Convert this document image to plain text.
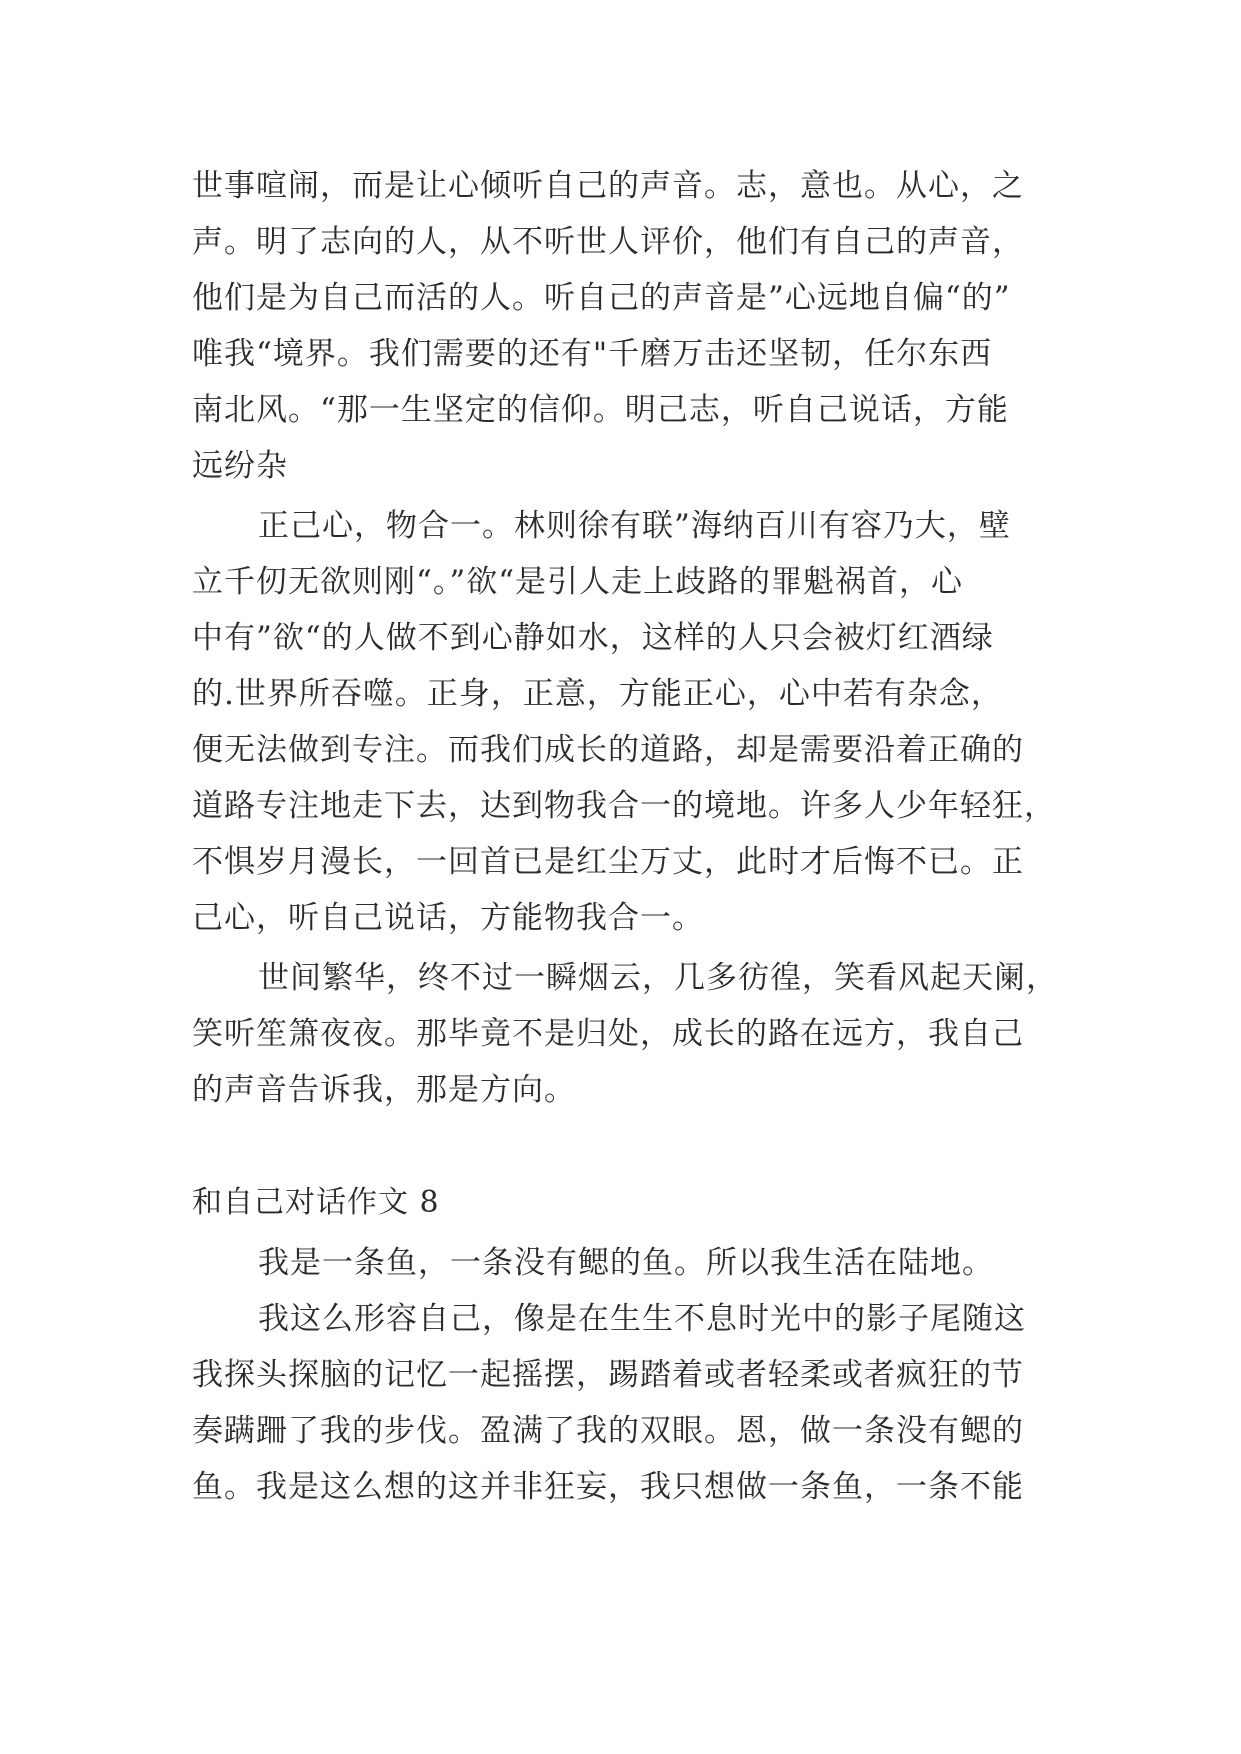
世事喧闹，而是让心倾听自己的声音。志，意也。从心，之
声。明了志向的人，从不听世人评价，他们有自己的声音，
他们是为自己而活的人。听自己的声音是”心远地自偏“的”
唯我“境界。我们需要的还有"千磨万击还坚韧，任尔东西
南北风。“那一生坚定的信仰。明己志，听自己说话，方能
远纷杂
正己心，物合一。林则徐有联”海纳百川有容乃大，壁
立千仞无欲则刚“。”欲“是引人走上歧路的罪魁祸首，心
中有”欲“的人做不到心静如水，这样的人只会被灯红酒绿
的.世界所吞噬。正身，正意，方能正心，心中若有杂念，
便无法做到专注。而我们成长的道路，却是需要沿着正确的
道路专注地走下去，达到物我合一的境地。许多人少年轻狂，
不惧岁月漫长，一回首已是红尘万丈，此时才后悔不已。正
己心，听自己说话，方能物我合一。
世间繁华，终不过一瞬烟云，几多彷徨，笑看风起天阑，
笑听笙箫夜夜。那毕竟不是归处，成长的路在远方，我自己
的声音告诉我，那是方向。
和自己对话作文 8
我是一条鱼，一条没有鳃的鱼。所以我生活在陆地。
我这么形容自己，像是在生生不息时光中的影子尾随这
我探头探脑的记忆一起摇摆，踢踏着或者轻柔或者疯狂的节
奏蹒跚了我的步伐。盈满了我的双眼。恩，做一条没有鳃的
鱼。我是这么想的这并非狂妄，我只想做一条鱼，一条不能
